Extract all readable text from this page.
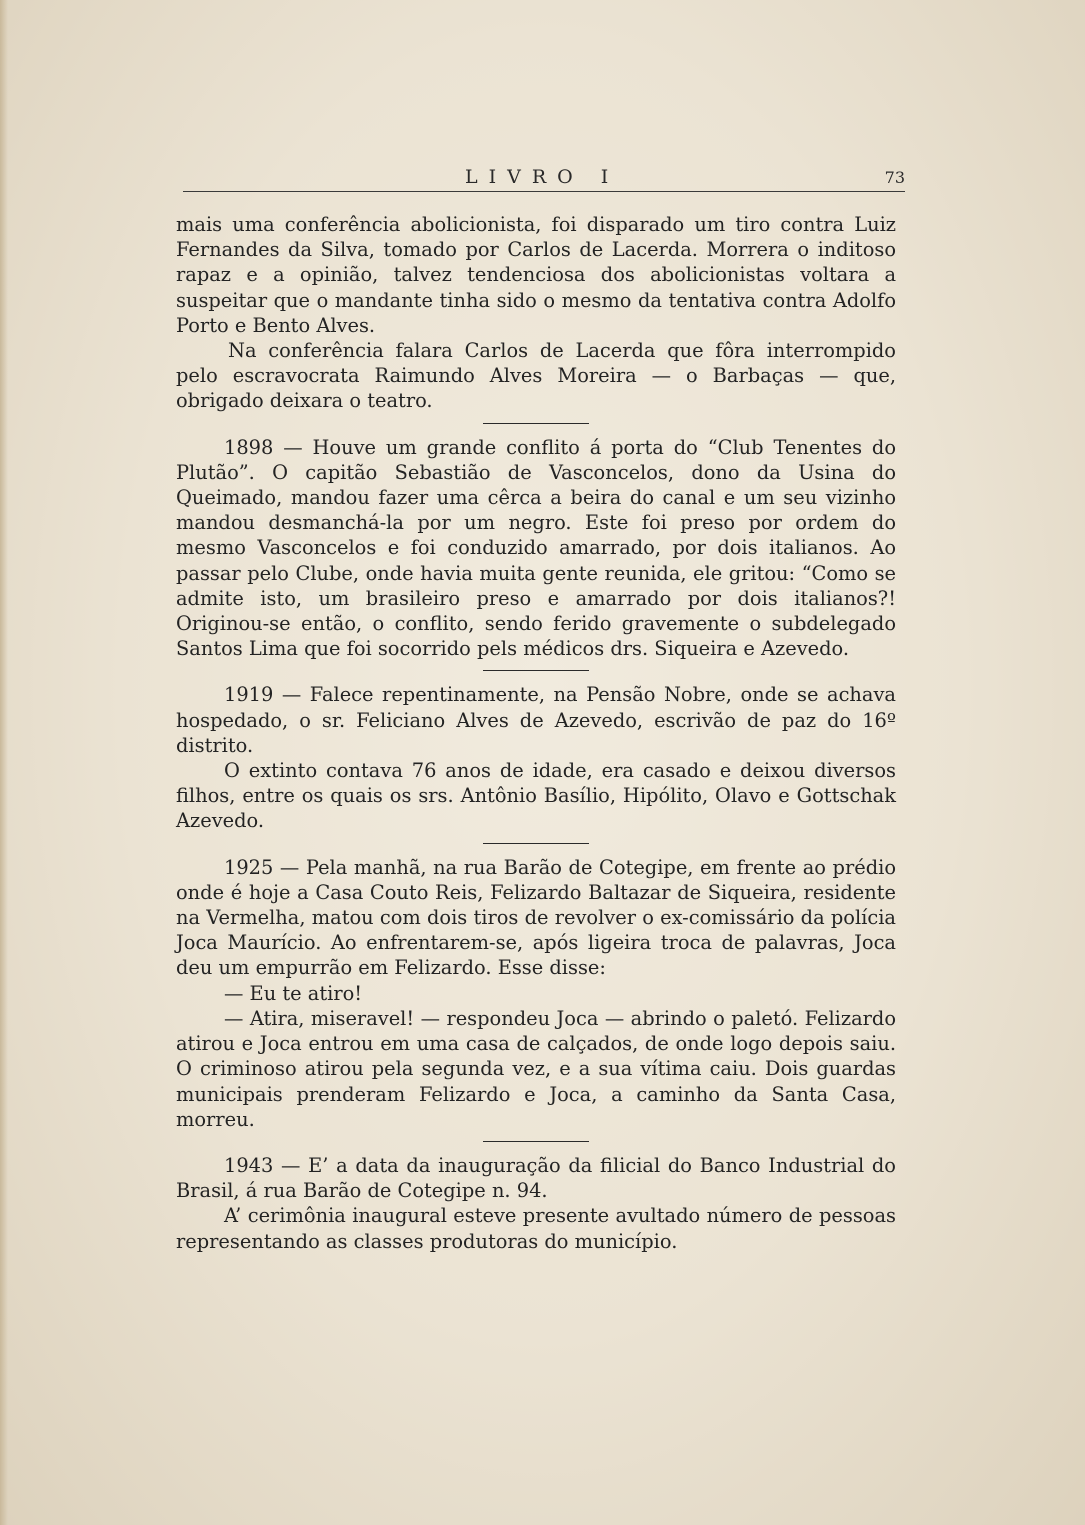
LIVRO I	73

mais uma conferência abolicionista, foi disparado um tiro contra Luiz Fernandes da Silva, tomado por Carlos de Lacerda. Morrera o inditoso rapaz e a opinião, talvez tendenciosa dos abolicionistas voltara a suspeitar que o mandante tinha sido o mesmo da tentativa contra Adolfo Porto e Bento Alves.

Na conferência falara Carlos de Lacerda que fôra interrompido pelo escravocrata Raimundo Alves Moreira — o Barbaças — que, obrigado deixara o teatro.

1898 — Houve um grande conflito á porta do “Club Tenentes do Plutão”. O capitão Sebastião de Vasconcelos, dono da Usina do Queimado, mandou fazer uma cêrca a beira do canal e um seu vizinho mandou desmanchá-la por um negro. Este foi preso por ordem do mesmo Vasconcelos e foi conduzido amarrado, por dois italianos. Ao passar pelo Clube, onde havia muita gente reunida, ele gritou: “Como se admite isto, um brasileiro preso e amarrado por dois italianos?! Originou-se então, o conflito, sendo ferido gravemente o subdelegado Santos Lima que foi socorrido pels médicos drs. Siqueira e Azevedo.

1919 — Falece repentinamente, na Pensão Nobre, onde se achava hospedado, o sr. Feliciano Alves de Azevedo, escrivão de paz do 16º distrito.

O extinto contava 76 anos de idade, era casado e deixou diversos filhos, entre os quais os srs. Antônio Basílio, Hipólito, Olavo e Gottschak Azevedo.

1925 — Pela manhã, na rua Barão de Cotegipe, em frente ao prédio onde é hoje a Casa Couto Reis, Felizardo Baltazar de Siqueira, residente na Vermelha, matou com dois tiros de revolver o ex-comissário da polícia Joca Maurício. Ao enfrentarem-se, após ligeira troca de palavras, Joca deu um empurrão em Felizardo. Esse disse:

— Eu te atiro!

— Atira, miseravel! — respondeu Joca — abrindo o paletó. Felizardo atirou e Joca entrou em uma casa de calçados, de onde logo depois saiu. O criminoso atirou pela segunda vez, e a sua vítima caiu. Dois guardas municipais prenderam Felizardo e Joca, a caminho da Santa Casa, morreu.

1943 — E’ a data da inauguração da filicial do Banco Industrial do Brasil, á rua Barão de Cotegipe n. 94.

A’ cerimônia inaugural esteve presente avultado número de pessoas representando as classes produtoras do município.
